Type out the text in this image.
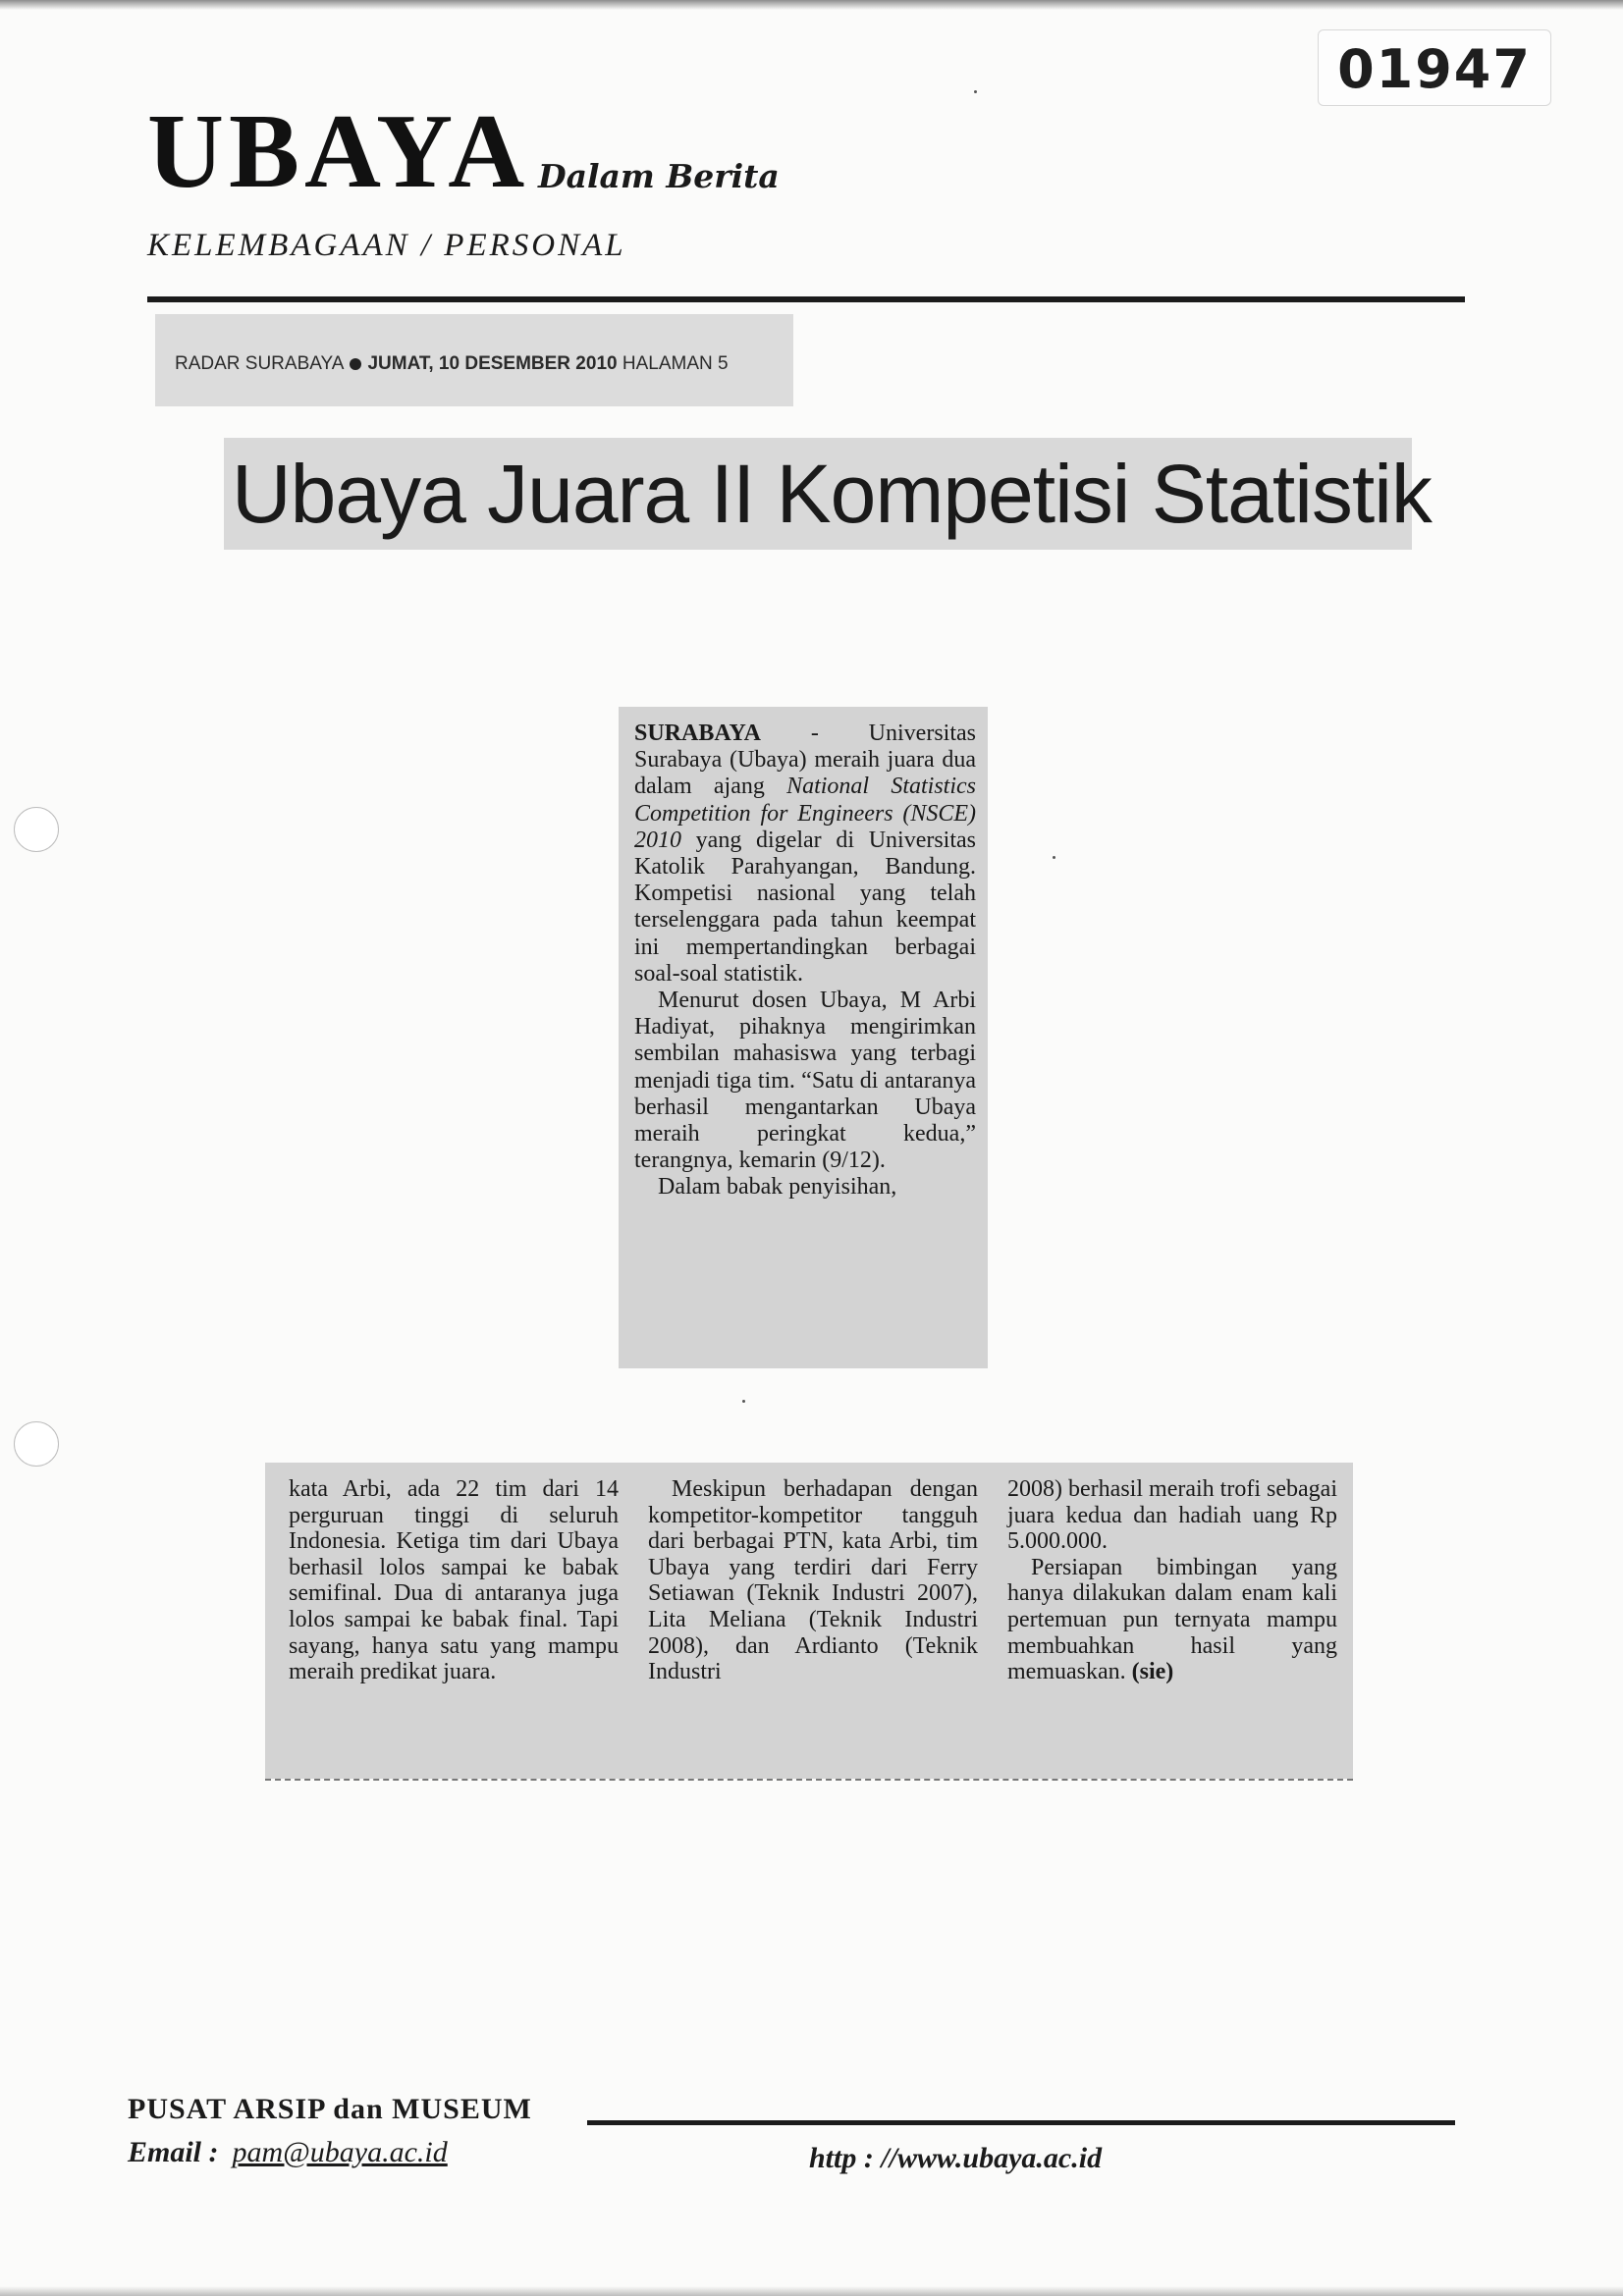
01947
UBAYA Dalam Berita
KELEMBAGAAN / PERSONAL
RADAR SURABAYA JUMAT, 10 DESEMBER 2010 HALAMAN 5
Ubaya Juara II Kompetisi Statistik

SURABAYA - Universitas Surabaya (Ubaya) meraih juara dua dalam ajang National Statistics Competition for Engineers (NSCE) 2010 yang digelar di Universitas Katolik Parahyangan, Bandung. Kompetisi nasional yang telah terselenggara pada tahun keempat ini mempertandingkan berbagai soal-soal statistik.

Menurut dosen Ubaya, M Arbi Hadiyat, pihaknya mengirimkan sembilan mahasiswa yang terbagi menjadi tiga tim. “Satu di antaranya berhasil mengantarkan Ubaya meraih peringkat kedua,” terangnya, kemarin (9/12).

Dalam babak penyisihan,

kata Arbi, ada 22 tim dari 14 perguruan tinggi di seluruh Indonesia. Ketiga tim dari Ubaya berhasil lolos sampai ke babak semifinal. Dua di antaranya juga lolos sampai ke babak final. Tapi sayang, hanya satu yang mampu meraih predikat juara.

Meskipun berhadapan dengan kompetitor-kompetitor tangguh dari berbagai PTN, kata Arbi, tim Ubaya yang terdiri dari Ferry Setiawan (Teknik Industri 2007), Lita Meliana (Teknik Industri 2008), dan Ardianto (Teknik Industri

2008) berhasil meraih trofi sebagai juara kedua dan hadiah uang Rp 5.000.000.

Persiapan bimbingan yang hanya dilakukan dalam enam kali pertemuan pun ternyata mampu membuahkan hasil yang memuaskan. (sie)

PUSAT ARSIP dan MUSEUM
Email : pam@ubaya.ac.id	http : //www.ubaya.ac.id
